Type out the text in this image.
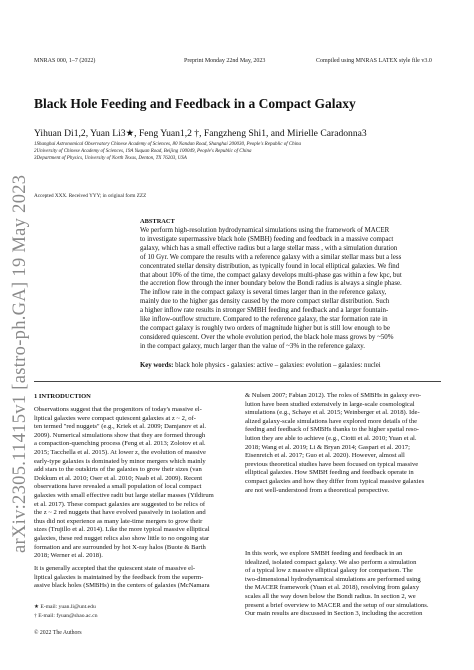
MNRAS 000, 1–7 (2022)	Preprint Monday 22nd May, 2023	Compiled using MNRAS LATEX style file v3.0
arXiv:2305.11415v1 [astro-ph.GA] 19 May 2023
Black Hole Feeding and Feedback in a Compact Galaxy
Yihuan Di1,2, Yuan Li3★, Feng Yuan1,2 †, Fangzheng Shi1, and Mirielle Caradonna3
1Shanghai Astronomical Observatory Chinese Academy of Sciences, 80 Nandan Road, Shanghai 200030, People's Republic of China
2University of Chinese Academy of Sciences, 19A Yuquan Road, Beijing 100049, People's Republic of China
3Department of Physics, University of North Texas, Denton, TX 76203, USA
Accepted XXX. Received YYY; in original form ZZZ
ABSTRACT
We perform high-resolution hydrodynamical simulations using the framework of MACER
to investigate supermassive black hole (SMBH) feeding and feedback in a massive compact
galaxy, which has a small effective radius but a large stellar mass , with a simulation duration
of 10 Gyr. We compare the results with a reference galaxy with a similar stellar mass but a less
concentrated stellar density distribution, as typically found in local elliptical galaxies. We find
that about 10% of the time, the compact galaxy develops multi-phase gas within a few kpc, but
the accretion flow through the inner boundary below the Bondi radius is always a single phase.
The inflow rate in the compact galaxy is several times larger than in the reference galaxy,
mainly due to the higher gas density caused by the more compact stellar distribution. Such
a higher inflow rate results in stronger SMBH feeding and feedback and a larger fountain-
like inflow-outflow structure. Compared to the reference galaxy, the star formation rate in
the compact galaxy is roughly two orders of magnitude higher but is still low enough to be
considered quiescent. Over the whole evolution period, the black hole mass grows by ~50%
in the compact galaxy, much larger than the value of ~3% in the reference galaxy.
Key words: black hole physics - galaxies: active – galaxies: evolution – galaxies: nuclei
1 INTRODUCTION
Observations suggest that the progenitors of today's massive el-
liptical galaxies were compact quiescent galaxies at z ~ 2, of-
ten termed "red nuggets" (e.g., Kriek et al. 2009; Damjanov et al.
2009). Numerical simulations show that they are formed through
a compaction-quenching process (Feng et al. 2013; Zolotov et al.
2015; Tacchella et al. 2015). At lower z, the evolution of massive
early-type galaxies is dominated by minor mergers which mainly
add stars to the outskirts of the galaxies to grow their sizes (van
Dokkum et al. 2010; Oser et al. 2010; Naab et al. 2009). Recent
observations have revealed a small population of local compact
galaxies with small effective radii but large stellar masses (Yildirum
et al. 2017). These compact galaxies are suggested to be relics of
the z ~ 2 red nuggets that have evolved passively in isolation and
thus did not experience as many late-time mergers to grow their
sizes (Trujillo et al. 2014). Like the more typical massive elliptical
galaxies, these red nugget relics also show little to no ongoing star
formation and are surrounded by hot X-ray halos (Buote & Barth
2018; Werner et al. 2018).
It is generally accepted that the quiescent state of massive el-
liptical galaxies is maintained by the feedback from the superm-
assive black holes (SMBHs) in the centers of galaxies (McNamara
& Nulsen 2007; Fabian 2012). The roles of SMBHs in galaxy evo-
lution have been studied extensively in large-scale cosmological
simulations (e.g., Schaye et al. 2015; Weinberger et al. 2018). Ide-
alized galaxy-scale simulations have explored more details of the
feeding and feedback of SMBHs thanks to the higher spatial reso-
lution they are able to achieve (e.g., Ciotti et al. 2010; Yuan et al.
2018; Wang et al. 2019; Li & Bryan 2014; Gaspari et al. 2017;
Eisenreich et al. 2017; Guo et al. 2020). However, almost all
previous theoretical studies have been focused on typical massive
elliptical galaxies. How SMBH feeding and feedback operate in
compact galaxies and how they differ from typical massive galaxies
are not well-understood from a theoretical perspective.
In this work, we explore SMBH feeding and feedback in an
idealized, isolated compact galaxy. We also perform a simulation
of a typical low z massive elliptical galaxy for comparison. The
two-dimensional hydrodynamical simulations are performed using
the MACER framework (Yuan et al. 2018), resolving from galaxy
scales all the way down below the Bondi radius. In section 2, we
present a brief overview to MACER and the setup of our simulations.
Our main results are discussed in Section 3, including the accretion
★ E-mail: yuan.li@unt.edu
† E-mail: fyuan@shao.ac.cn
© 2022 The Authors
